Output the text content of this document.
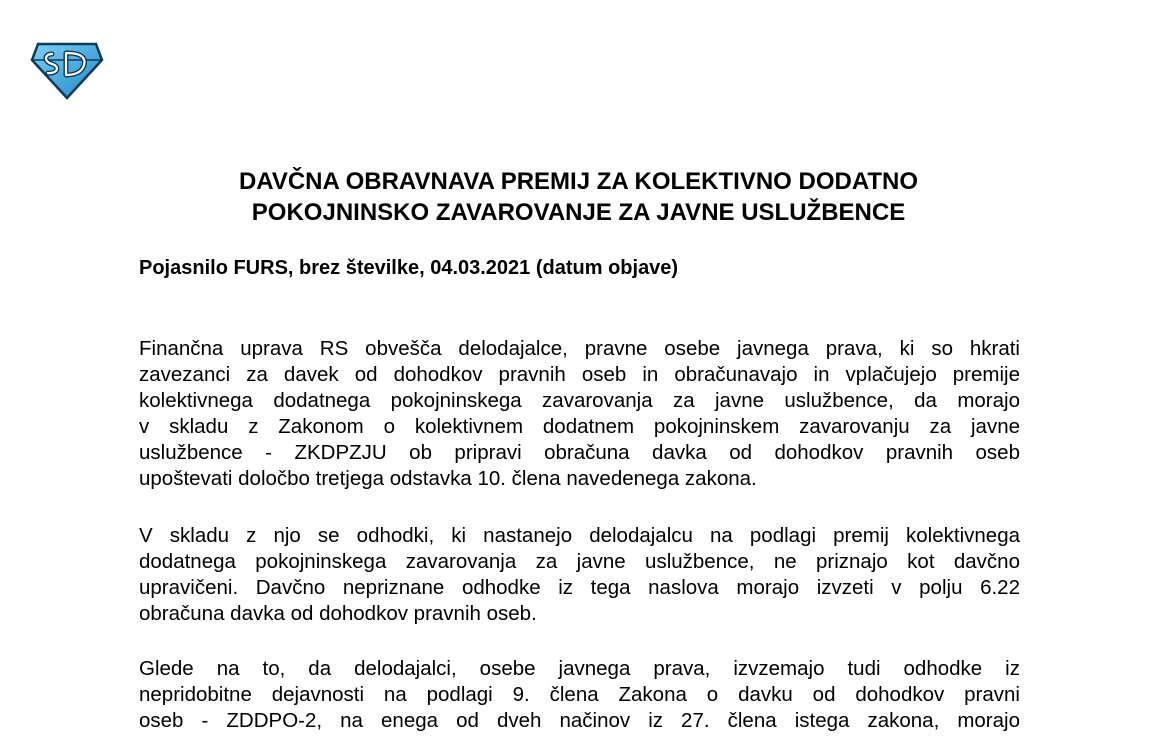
DAVČNA OBRAVNAVA PREMIJ ZA KOLEKTIVNO DODATNO
POKOJNINSKO ZAVAROVANJE ZA JAVNE USLUŽBENCE

Pojasnilo FURS, brez številke, 04.03.2021 (datum objave)

Finančna uprava RS obvešča delodajalce, pravne osebe javnega prava, ki so hkrati
zavezanci za davek od dohodkov pravnih oseb in obračunavajo in vplačujejo premije
kolektivnega dodatnega pokojninskega zavarovanja za javne uslužbence, da morajo
v skladu z Zakonom o kolektivnem dodatnem pokojninskem zavarovanju za javne
uslužbence - ZKDPZJU ob pripravi obračuna davka od dohodkov pravnih oseb
upoštevati določbo tretjega odstavka 10. člena navedenega zakona.
V skladu z njo se odhodki, ki nastanejo delodajalcu na podlagi premij kolektivnega
dodatnega pokojninskega zavarovanja za javne uslužbence, ne priznajo kot davčno
upravičeni. Davčno nepriznane odhodke iz tega naslova morajo izvzeti v polju 6.22
obračuna davka od dohodkov pravnih oseb.
Glede na to, da delodajalci, osebe javnega prava, izvzemajo tudi odhodke iz
nepridobitne dejavnosti na podlagi 9. člena Zakona o davku od dohodkov pravni
oseb - ZDDPO-2, na enega od dveh načinov iz 27. člena istega zakona, morajo
